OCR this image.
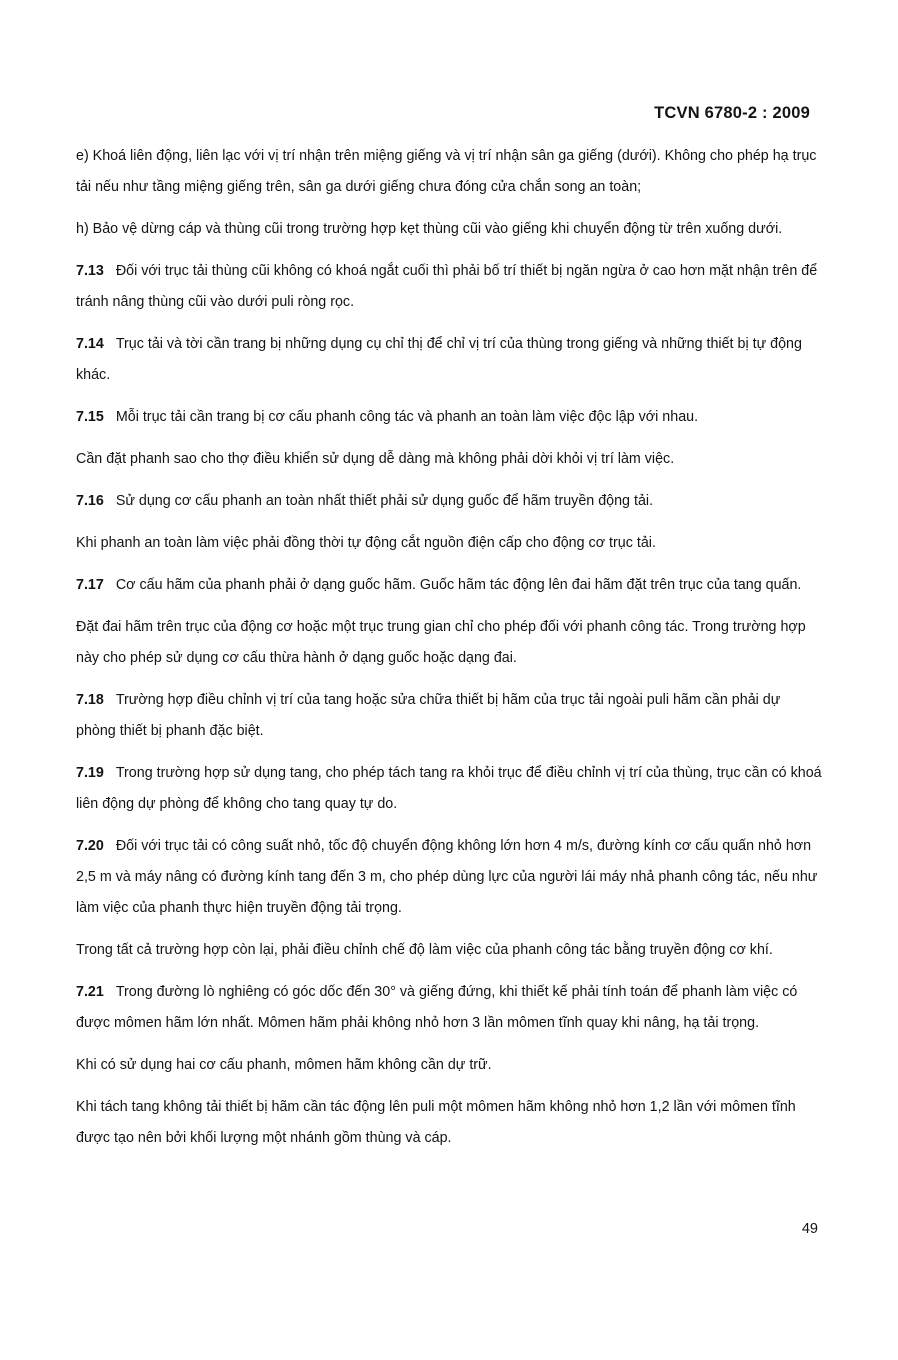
TCVN 6780-2 : 2009

e) Khoá liên động, liên lạc với vị trí nhận trên miệng giếng và vị trí nhận sân ga giếng (dưới). Không cho phép hạ trục tải nếu như tầng miệng giếng trên, sân ga dưới giếng chưa đóng cửa chắn song an toàn;

h) Bảo vệ dừng cáp và thùng cũi trong trường hợp kẹt thùng cũi vào giếng khi chuyển động từ trên xuống dưới.

7.13 Đối với trục tải thùng cũi không có khoá ngắt cuối thì phải bố trí thiết bị ngăn ngừa ở cao hơn mặt nhận trên để tránh nâng thùng cũi vào dưới puli ròng rọc.

7.14 Trục tải và tời cần trang bị những dụng cụ chỉ thị để chỉ vị trí của thùng trong giếng và những thiết bị tự động khác.

7.15 Mỗi trục tải cần trang bị cơ cấu phanh công tác và phanh an toàn làm việc độc lập với nhau.

Cần đặt phanh sao cho thợ điều khiển sử dụng dễ dàng mà không phải dời khỏi vị trí làm việc.

7.16 Sử dụng cơ cấu phanh an toàn nhất thiết phải sử dụng guốc để hãm truyền động tải.

Khi phanh an toàn làm việc phải đồng thời tự động cắt nguồn điện cấp cho động cơ trục tải.

7.17 Cơ cấu hãm của phanh phải ở dạng guốc hãm. Guốc hãm tác động lên đai hãm đặt trên trục của tang quấn.

Đặt đai hãm trên trục của động cơ hoặc một trục trung gian chỉ cho phép đối với phanh công tác. Trong trường hợp này cho phép sử dụng cơ cấu thừa hành ở dạng guốc hoặc dạng đai.

7.18 Trường hợp điều chỉnh vị trí của tang hoặc sửa chữa thiết bị hãm của trục tải ngoài puli hãm cần phải dự phòng thiết bị phanh đặc biệt.

7.19 Trong trường hợp sử dụng tang, cho phép tách tang ra khỏi trục để điều chỉnh vị trí của thùng, trục cần có khoá liên động dự phòng để không cho tang quay tự do.

7.20 Đối với trục tải có công suất nhỏ, tốc độ chuyển động không lớn hơn 4 m/s, đường kính cơ cấu quấn nhỏ hơn 2,5 m và máy nâng có đường kính tang đến 3 m, cho phép dùng lực của người lái máy nhả phanh công tác, nếu như làm việc của phanh thực hiện truyền động tải trọng.

Trong tất cả trường hợp còn lại, phải điều chỉnh chế độ làm việc của phanh công tác bằng truyền động cơ khí.

7.21 Trong đường lò nghiêng có góc dốc đến 30° và giếng đứng, khi thiết kế phải tính toán để phanh làm việc có được mômen hãm lớn nhất. Mômen hãm phải không nhỏ hơn 3 lần mômen tĩnh quay khi nâng, hạ tải trọng.

Khi có sử dụng hai cơ cấu phanh, mômen hãm không cần dự trữ.

Khi tách tang không tải thiết bị hãm cần tác động lên puli một mômen hãm không nhỏ hơn 1,2 lần với mômen tĩnh được tạo nên bởi khối lượng một nhánh gồm thùng và cáp.

49
